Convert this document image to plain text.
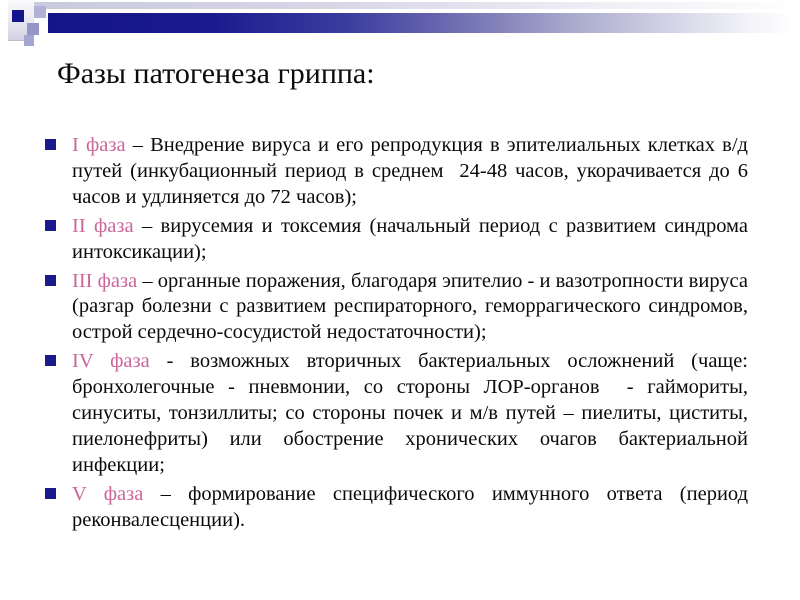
Фазы патогенеза гриппа:
I фаза – Внедрение вируса и его репродукция в эпителиальных клетках в/д путей (инкубационный период в среднем  24-48 часов, укорачивается до 6 часов и удлиняется до 72 часов);
II фаза – вирусемия и токсемия (начальный период с развитием синдрома интоксикации);
III фаза – органные поражения, благодаря эпителио - и вазотропности вируса (разгар болезни с развитием респираторного, геморрагического синдромов, острой сердечно-сосудистой недостаточности);
IV фаза - возможных вторичных бактериальных осложнений (чаще: бронхолегочные - пневмонии, со стороны ЛОР-органов  - гаймориты, синуситы, тонзиллиты; со стороны почек и м/в путей – пиелиты, циститы, пиелонефриты) или обострение хронических очагов бактериальной инфекции;
V фаза – формирование специфического иммунного ответа (период реконвалесценции).
